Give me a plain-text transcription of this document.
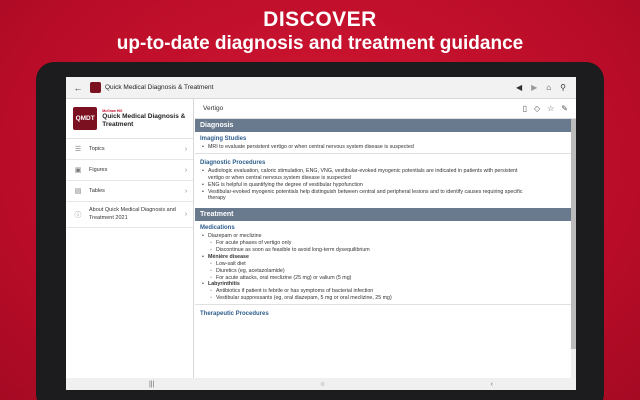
DISCOVER
up-to-date diagnosis and treatment guidance
←	Quick Medical Diagnosis & Treatment	◀ ▶ ⌂ ⚲
QMDT
McGraw Hill
Quick Medical Diagnosis & Treatment
☰ Topics	›
▣ Figures	›
▤ Tables	›
ⓘ
About Quick Medical Diagnosis and Treatment 2021	›
Vertigo	▯ ◇ ☆ ✎
Diagnosis
Imaging Studies
• MRI to evaluate persistent vertigo or when central nervous system disease is suspected
Diagnostic Procedures
• Audiologic evaluation, caloric stimulation, ENG, VNG, vestibular-evoked myogenic potentials are indicated in patients with persistent vertigo or when central nervous system disease is suspected
• ENG is helpful in quantifying the degree of vestibular hypofunction
• Vestibular-evoked myogenic potentials help distinguish between central and peripheral lesions and to identify causes requiring specific therapy
Treatment
Medications
• Diazepam or meclizine
◦ For acute phases of vertigo only
◦ Discontinue as soon as feasible to avoid long-term dysequilibrium
• Ménière disease
◦ Low-salt diet
◦ Diuretics (eg, acetazolamide)
◦ For acute attacks, oral meclizine (25 mg) or valium (5 mg)
• Labyrinthitis
◦ Antibiotics if patient is febrile or has symptoms of bacterial infection
◦ Vestibular suppressants (eg, oral diazepam, 5 mg or oral meclizine, 25 mg)
Therapeutic Procedures
|||	○	‹
